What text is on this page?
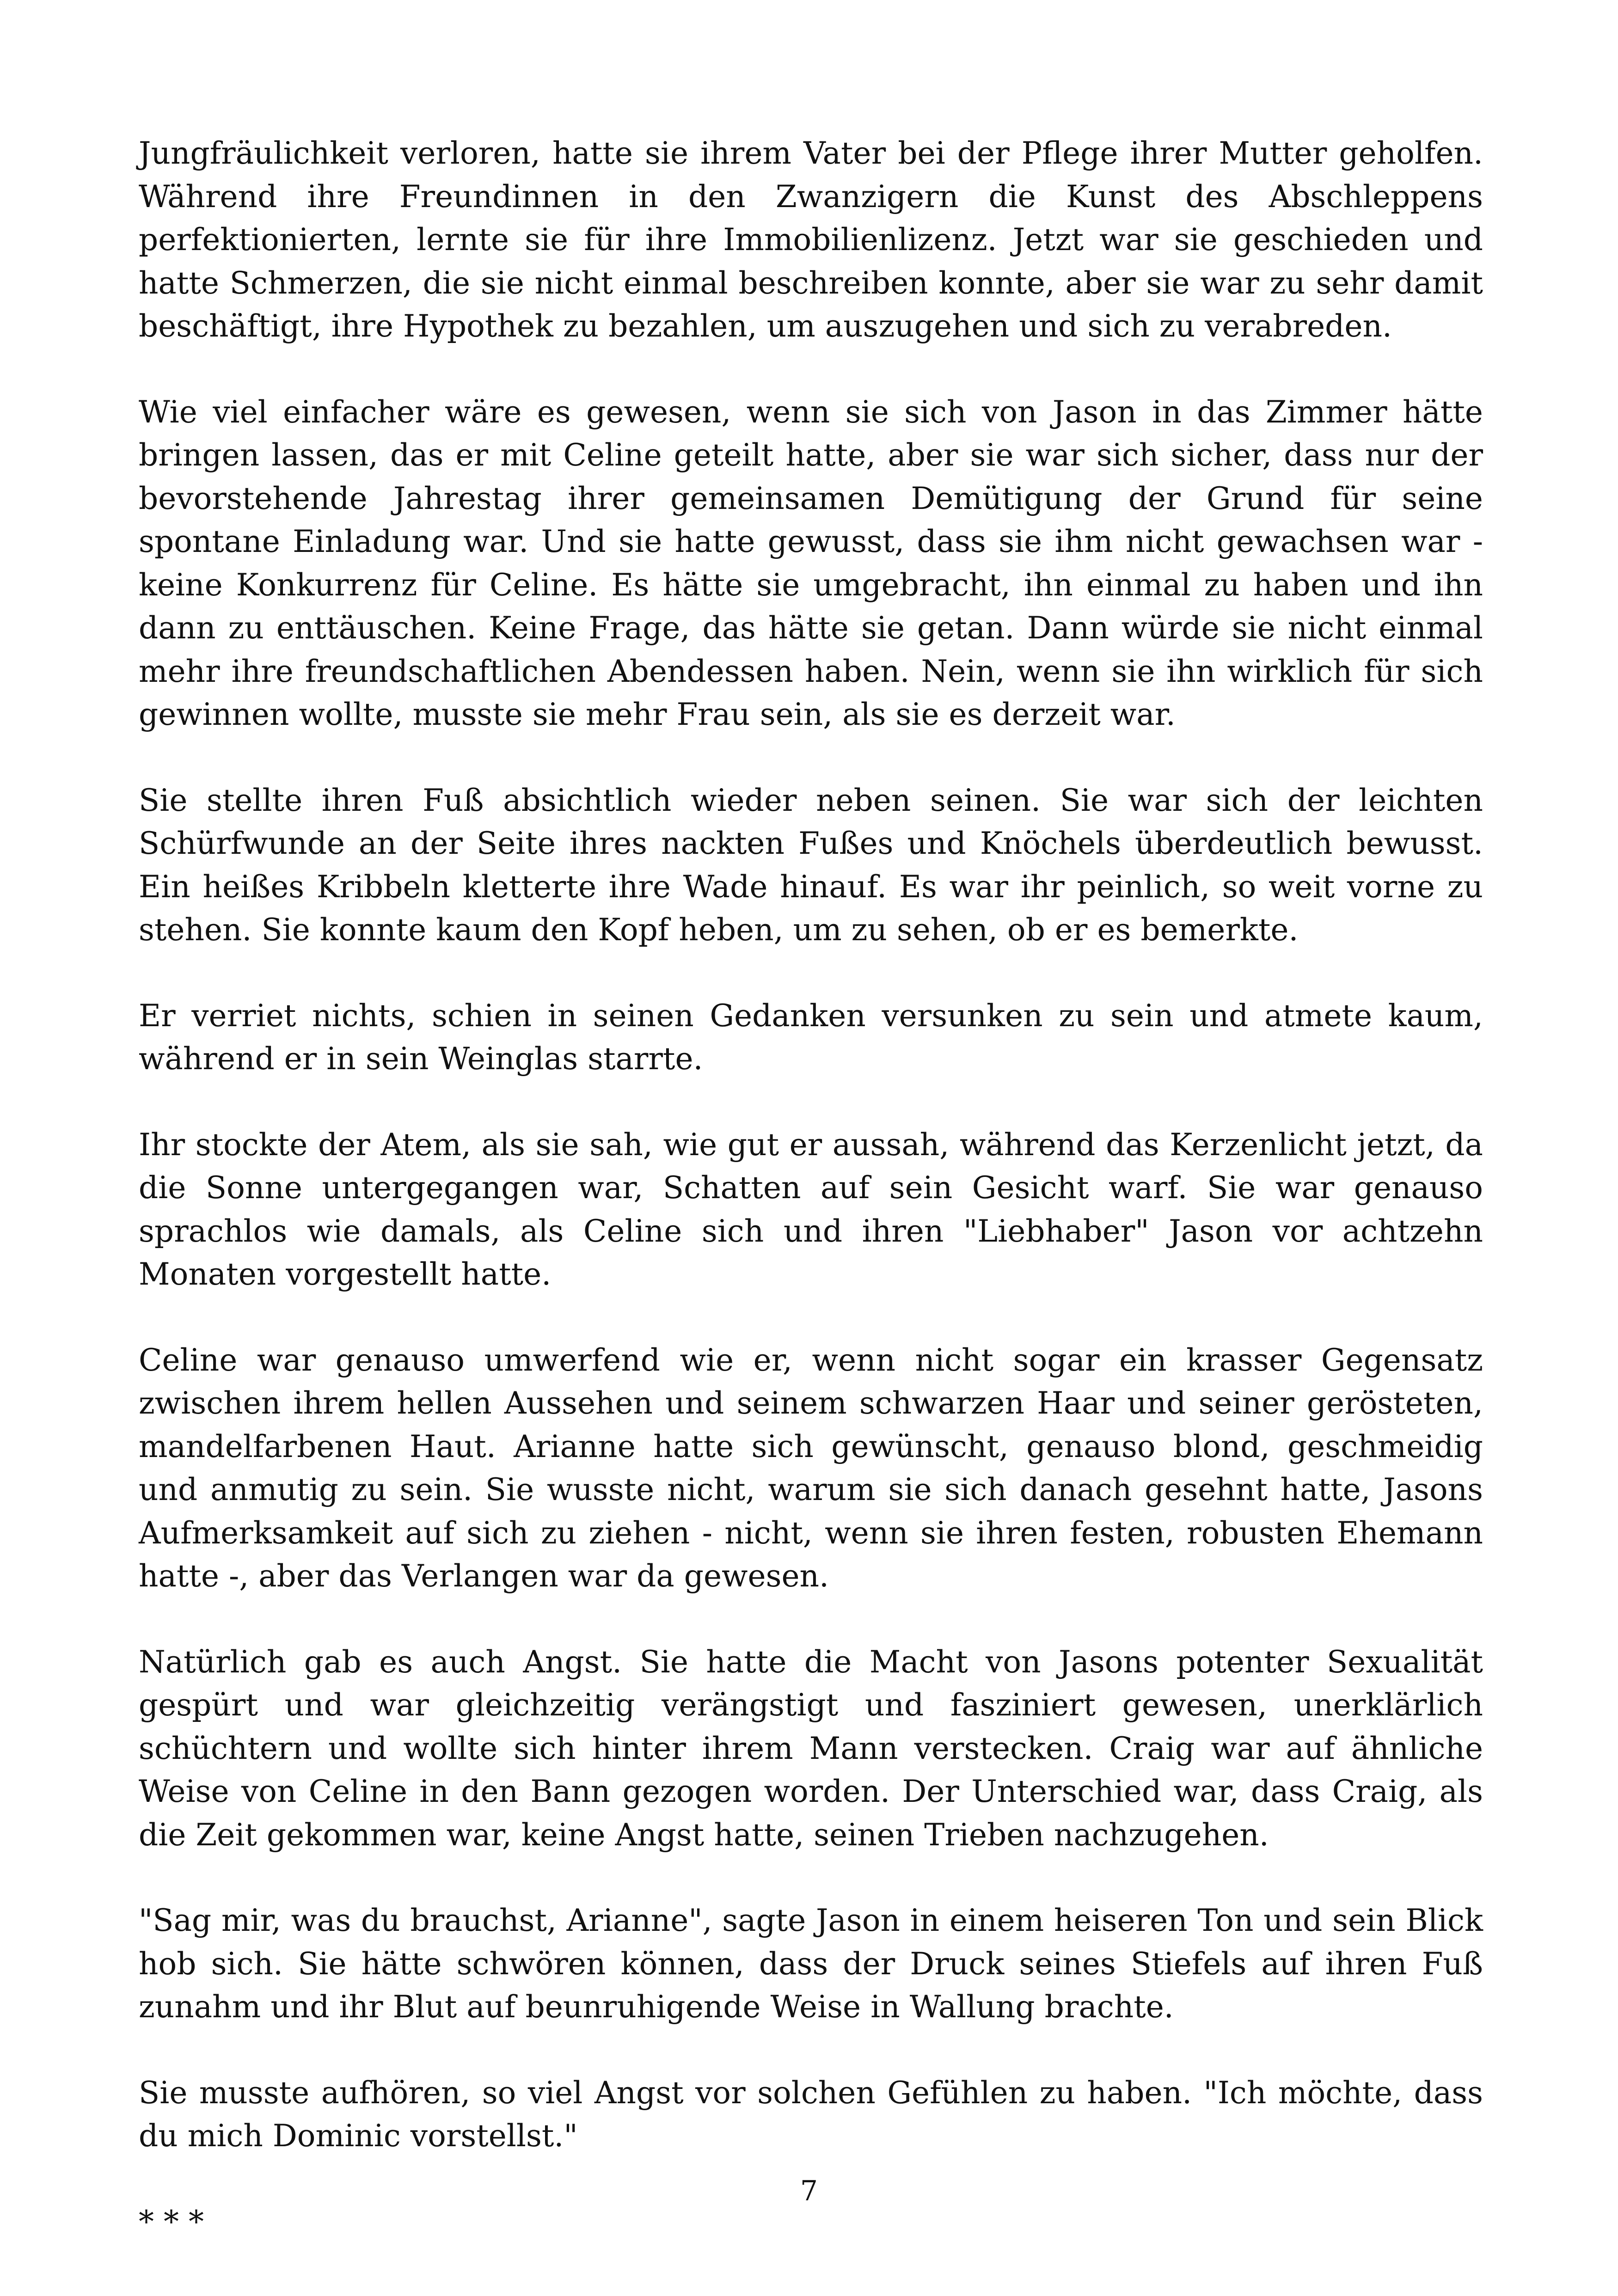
Jungfräulichkeit verloren, hatte sie ihrem Vater bei der Pflege ihrer Mutter geholfen. Während ihre Freundinnen in den Zwanzigern die Kunst des Abschleppens perfektionierten, lernte sie für ihre Immobilienlizenz. Jetzt war sie geschieden und hatte Schmerzen, die sie nicht einmal beschreiben konnte, aber sie war zu sehr damit beschäftigt, ihre Hypothek zu bezahlen, um auszugehen und sich zu verabreden.

Wie viel einfacher wäre es gewesen, wenn sie sich von Jason in das Zimmer hätte bringen lassen, das er mit Celine geteilt hatte, aber sie war sich sicher, dass nur der bevorstehende Jahrestag ihrer gemeinsamen Demütigung der Grund für seine spontane Einladung war. Und sie hatte gewusst, dass sie ihm nicht gewachsen war - keine Konkurrenz für Celine. Es hätte sie umgebracht, ihn einmal zu haben und ihn dann zu enttäuschen. Keine Frage, das hätte sie getan. Dann würde sie nicht einmal mehr ihre freundschaftlichen Abendessen haben. Nein, wenn sie ihn wirklich für sich gewinnen wollte, musste sie mehr Frau sein, als sie es derzeit war.

Sie stellte ihren Fuß absichtlich wieder neben seinen. Sie war sich der leichten Schürfwunde an der Seite ihres nackten Fußes und Knöchels überdeutlich bewusst. Ein heißes Kribbeln kletterte ihre Wade hinauf. Es war ihr peinlich, so weit vorne zu stehen. Sie konnte kaum den Kopf heben, um zu sehen, ob er es bemerkte.

Er verriet nichts, schien in seinen Gedanken versunken zu sein und atmete kaum, während er in sein Weinglas starrte.

Ihr stockte der Atem, als sie sah, wie gut er aussah, während das Kerzenlicht jetzt, da die Sonne untergegangen war, Schatten auf sein Gesicht warf. Sie war genauso sprachlos wie damals, als Celine sich und ihren "Liebhaber" Jason vor achtzehn Monaten vorgestellt hatte.

Celine war genauso umwerfend wie er, wenn nicht sogar ein krasser Gegensatz zwischen ihrem hellen Aussehen und seinem schwarzen Haar und seiner gerösteten, mandelfarbenen Haut. Arianne hatte sich gewünscht, genauso blond, geschmeidig und anmutig zu sein. Sie wusste nicht, warum sie sich danach gesehnt hatte, Jasons Aufmerksamkeit auf sich zu ziehen - nicht, wenn sie ihren festen, robusten Ehemann hatte -, aber das Verlangen war da gewesen.

Natürlich gab es auch Angst. Sie hatte die Macht von Jasons potenter Sexualität gespürt und war gleichzeitig verängstigt und fasziniert gewesen, unerklärlich schüchtern und wollte sich hinter ihrem Mann verstecken. Craig war auf ähnliche Weise von Celine in den Bann gezogen worden. Der Unterschied war, dass Craig, als die Zeit gekommen war, keine Angst hatte, seinen Trieben nachzugehen.

"Sag mir, was du brauchst, Arianne", sagte Jason in einem heiseren Ton und sein Blick hob sich. Sie hätte schwören können, dass der Druck seines Stiefels auf ihren Fuß zunahm und ihr Blut auf beunruhigende Weise in Wallung brachte.

Sie musste aufhören, so viel Angst vor solchen Gefühlen zu haben. "Ich möchte, dass du mich Dominic vorstellst."

* * *

7
